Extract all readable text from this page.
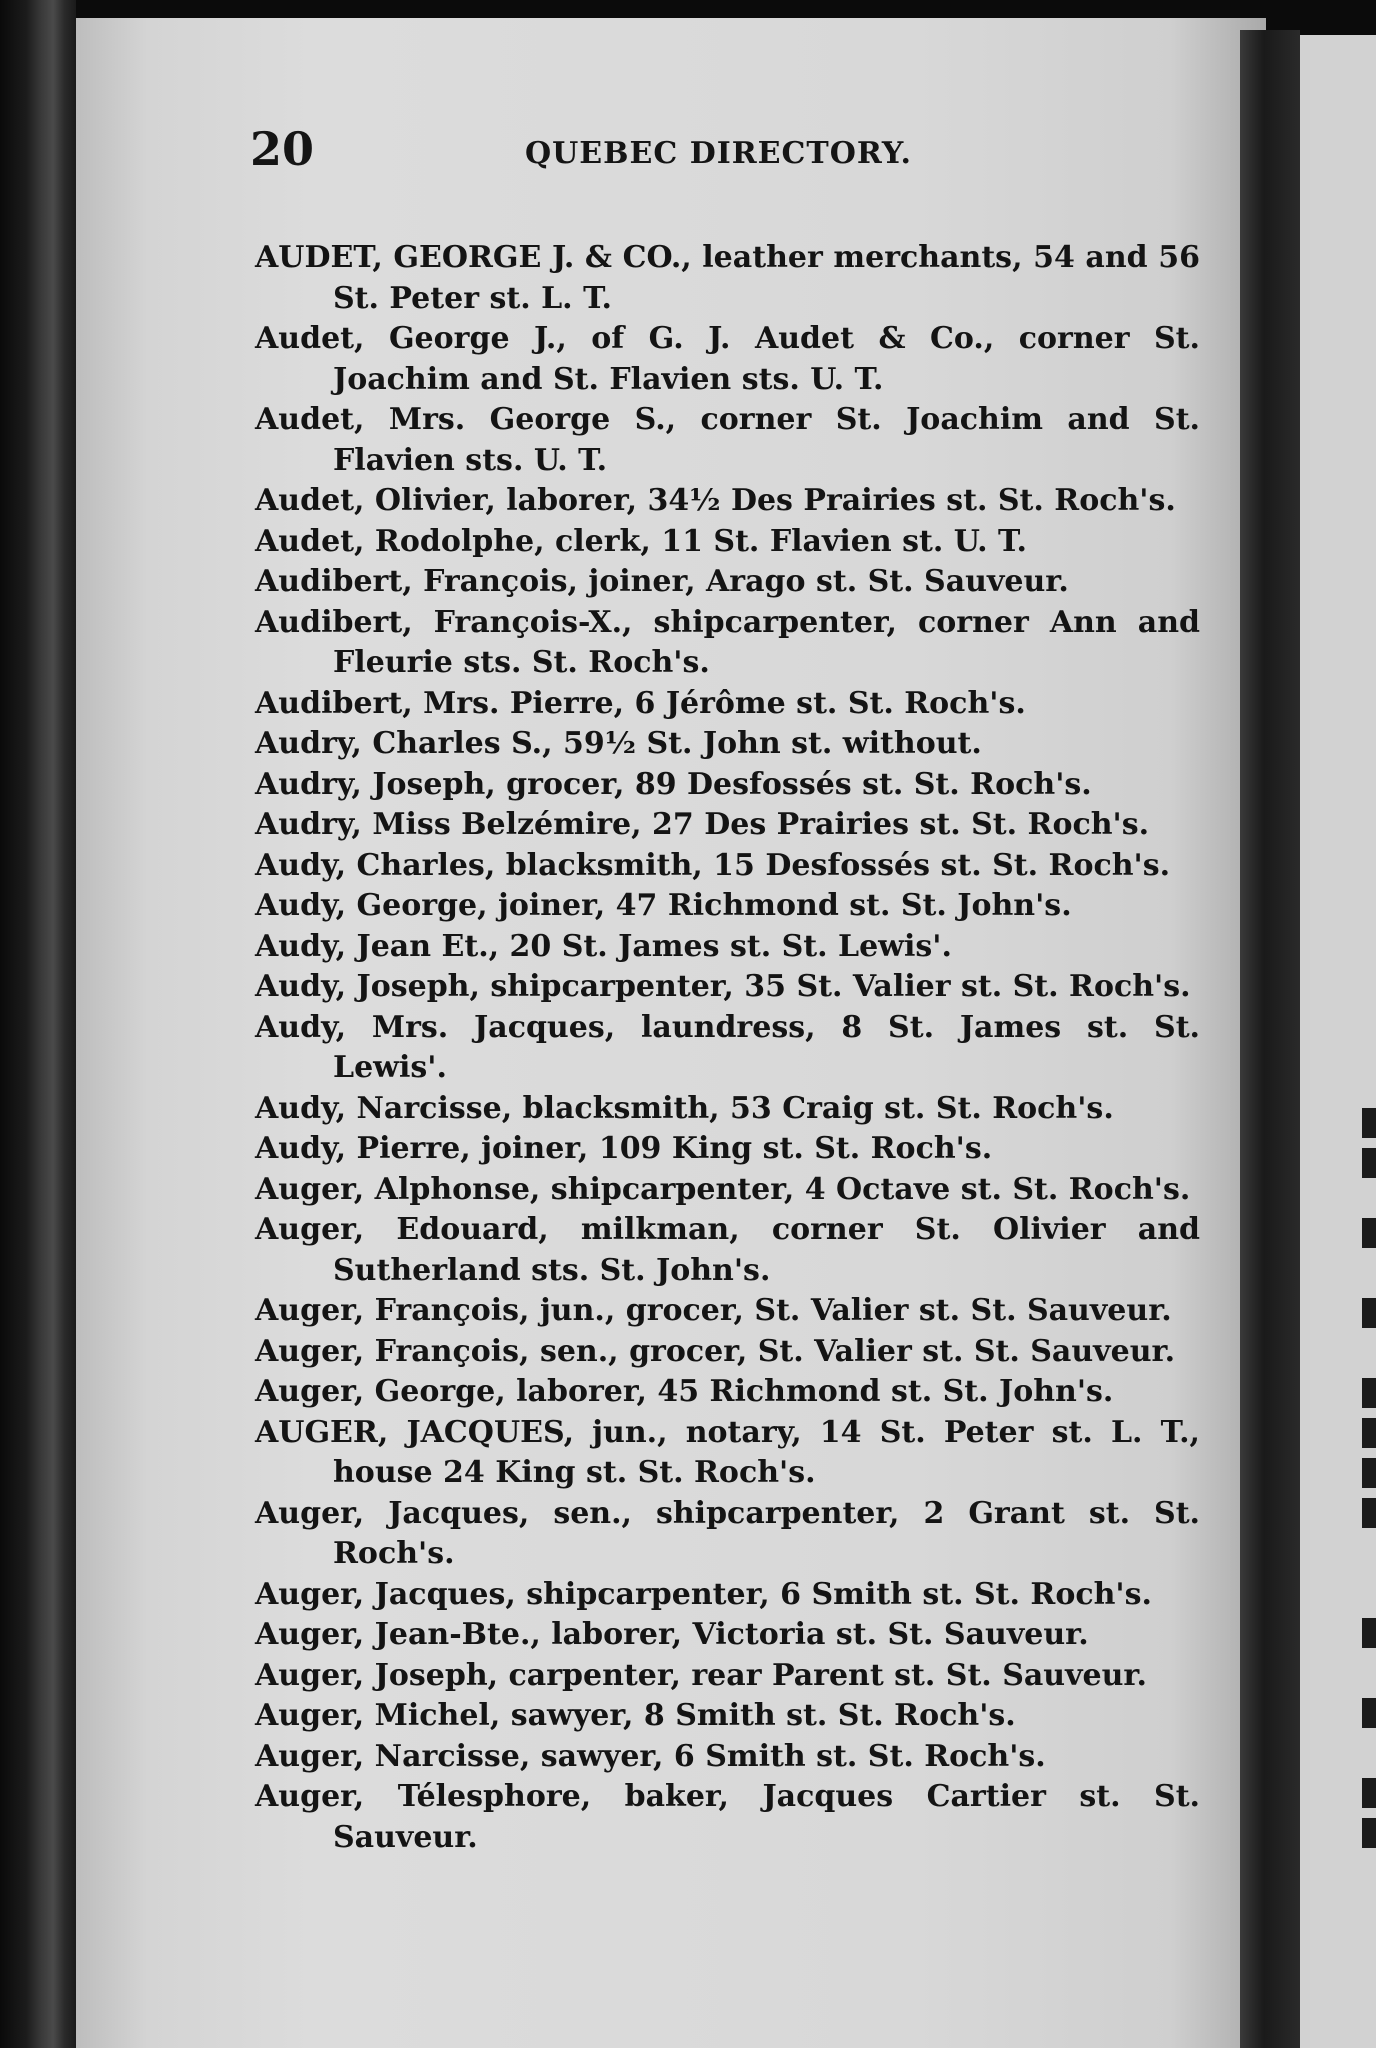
20	QUEBEC DIRECTORY.
AUDET, GEORGE J. & CO., leather merchants, 54 and 56 St. Peter st. L. T.
Audet, George J., of G. J. Audet & Co., corner St. Joachim and St. Flavien sts. U. T.
Audet, Mrs. George S., corner St. Joachim and St. Flavien sts. U. T.
Audet, Olivier, laborer, 34½ Des Prairies st. St. Roch's.
Audet, Rodolphe, clerk, 11 St. Flavien st. U. T.
Audibert, François, joiner, Arago st. St. Sauveur.
Audibert, François-X., shipcarpenter, corner Ann and Fleurie sts. St. Roch's.
Audibert, Mrs. Pierre, 6 Jérôme st. St. Roch's.
Audry, Charles S., 59½ St. John st. without.
Audry, Joseph, grocer, 89 Desfossés st. St. Roch's.
Audry, Miss Belzémire, 27 Des Prairies st. St. Roch's.
Audy, Charles, blacksmith, 15 Desfossés st. St. Roch's.
Audy, George, joiner, 47 Richmond st. St. John's.
Audy, Jean Et., 20 St. James st. St. Lewis'.
Audy, Joseph, shipcarpenter, 35 St. Valier st. St. Roch's.
Audy, Mrs. Jacques, laundress, 8 St. James st. St. Lewis'.
Audy, Narcisse, blacksmith, 53 Craig st. St. Roch's.
Audy, Pierre, joiner, 109 King st. St. Roch's.
Auger, Alphonse, shipcarpenter, 4 Octave st. St. Roch's.
Auger, Edouard, milkman, corner St. Olivier and Sutherland sts. St. John's.
Auger, François, jun., grocer, St. Valier st. St. Sauveur.
Auger, François, sen., grocer, St. Valier st. St. Sauveur.
Auger, George, laborer, 45 Richmond st. St. John's.
AUGER, JACQUES, jun., notary, 14 St. Peter st. L. T., house 24 King st. St. Roch's.
Auger, Jacques, sen., shipcarpenter, 2 Grant st. St. Roch's.
Auger, Jacques, shipcarpenter, 6 Smith st. St. Roch's.
Auger, Jean-Bte., laborer, Victoria st. St. Sauveur.
Auger, Joseph, carpenter, rear Parent st. St. Sauveur.
Auger, Michel, sawyer, 8 Smith st. St. Roch's.
Auger, Narcisse, sawyer, 6 Smith st. St. Roch's.
Auger, Télesphore, baker, Jacques Cartier st. St. Sauveur.
